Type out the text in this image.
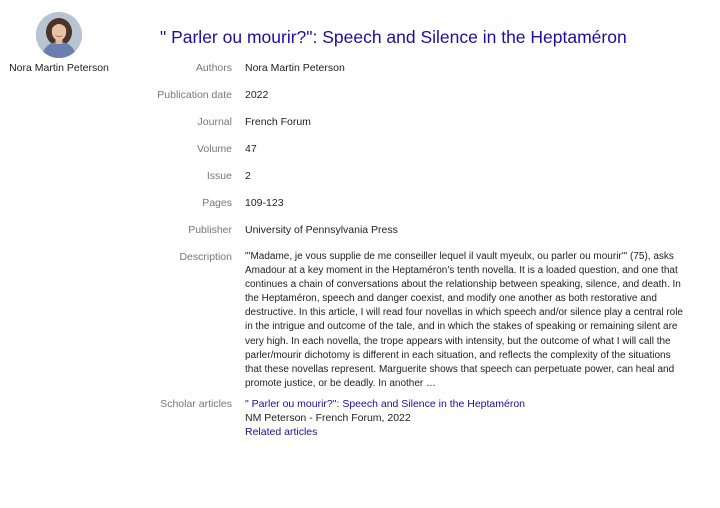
Nora Martin Peterson
" Parler ou mourir?": Speech and Silence in the Heptaméron
Authors	Nora Martin Peterson
Publication date	2022
Journal	French Forum
Volume	47
Issue	2
Pages	109-123
Publisher	University of Pennsylvania Press
Description	"'Madame, je vous supplie de me conseiller lequel il vault myeulx, ou parler ou mourir'" (75), asks Amadour at a key moment in the Heptaméron's tenth novella. It is a loaded question, and one that continues a chain of conversations about the relationship between speaking, silence, and death. In the Heptaméron, speech and danger coexist, and modify one another as both restorative and destructive. In this article, I will read four novellas in which speech and/or silence play a central role in the intrigue and outcome of the tale, and in which the stakes of speaking or remaining silent are very high. In each novella, the trope appears with intensity, but the outcome of what I will call the parler/mourir dichotomy is different in each situation, and reflects the complexity of the situations that these novellas represent. Marguerite shows that speech can perpetuate power, can heal and promote justice, or be deadly. In another …
Scholar articles	" Parler ou mourir?": Speech and Silence in the Heptaméron
NM Peterson - French Forum, 2022
Related articles
